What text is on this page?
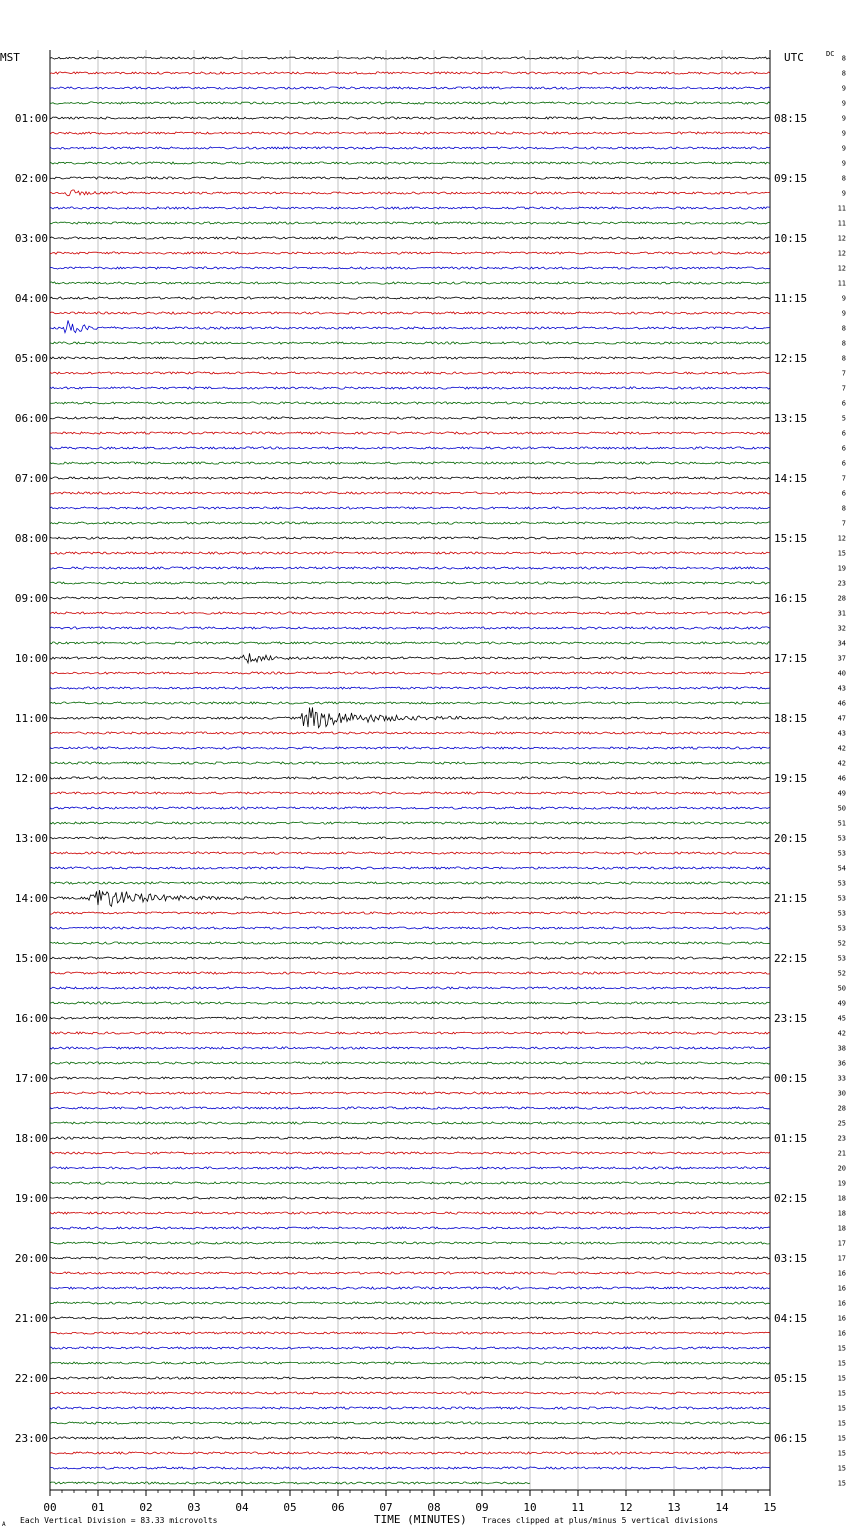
00	01	02	03	04	05	06	07	08	09	10	11	12	13	14	15
8
8
9
9
9
01:00	08:15
9
9
9
8
02:00	09:15
9
11
11
12
03:00	10:15
12
12
11
9
04:00	11:15
9
8
8
8
05:00	12:15
7
7
6
5
06:00	13:15
6
6
6
7
07:00	14:15
6
8
7
12
08:00	15:15
15
19
23
28
09:00	16:15
31
32
34
37
10:00	17:15
40
43
46
47
11:00	18:15
43
42
42
46
12:00	19:15
49
50
51
53
13:00	20:15
53
54
53
53
14:00	21:15
53
53
52
53
15:00	22:15
52
50
49
45
16:00	23:15
42
38
36
33
17:00	00:15
30
28
25
23
18:00	01:15
21
20
19
18
19:00	02:15
18
18
17
17
20:00	03:15
16
16
16
16
21:00	04:15
16
15
15
15
22:00	05:15
15
15
15
15
23:00	06:15
15
15
15
MST	UTC	DC
A Each Vertical Division = 83.33 microvolts	TIME (MINUTES) Traces clipped at plus/minus 5 vertical divisions
